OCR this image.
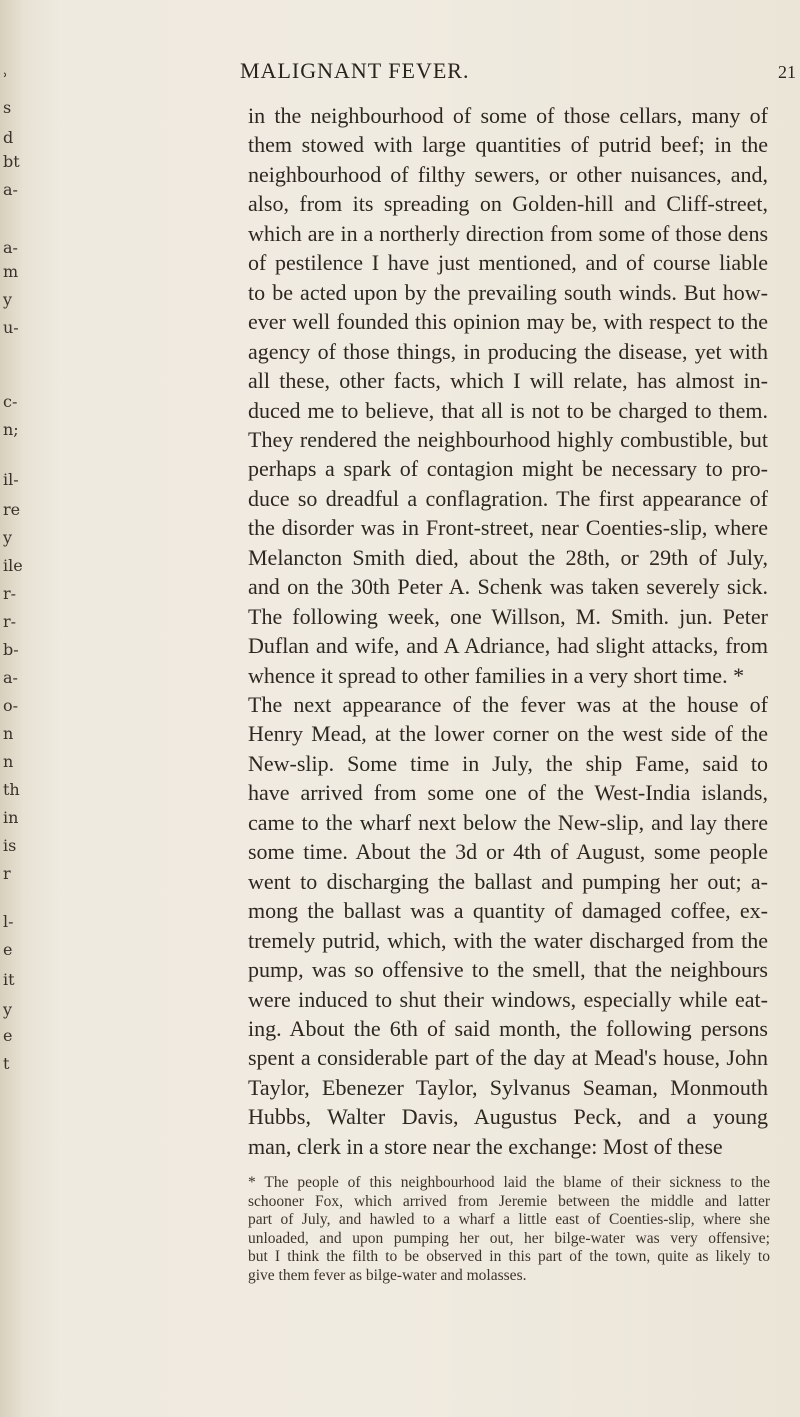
ʾ
s
d
bt
a-
a-
m
y
u-
c-
n;
il-
re
y
ile
r-
r-
b-
a-
o-
n
n
th
in
is
r
l-
e
it
y
e
t
MALIGNANT FEVER.	21
in the neighbourhood of some of those cellars, many of
them stowed with large quantities of putrid beef; in the
neighbourhood of filthy sewers, or other nuisances, and,
also, from its spreading on Golden-hill and Cliff-street,
which are in a northerly direction from some of those dens
of pestilence I have just mentioned, and of course liable
to be acted upon by the prevailing south winds. But how-
ever well founded this opinion may be, with respect to the
agency of those things, in producing the disease, yet with
all these, other facts, which I will relate, has almost in-
duced me to believe, that all is not to be charged to them.
They rendered the neighbourhood highly combustible, but
perhaps a spark of contagion might be necessary to pro-
duce so dreadful a conflagration. The first appearance of
the disorder was in Front-street, near Coenties-slip, where
Melancton Smith died, about the 28th, or 29th of July,
and on the 30th Peter A. Schenk was taken severely sick.
The following week, one Willson, M. Smith. jun. Peter
Duflan and wife, and A Adriance, had slight attacks, from
whence it spread to other families in a very short time. *
The next appearance of the fever was at the house of
Henry Mead, at the lower corner on the west side of the
New-slip. Some time in July, the ship Fame, said to
have arrived from some one of the West-India islands,
came to the wharf next below the New-slip, and lay there
some time. About the 3d or 4th of August, some people
went to discharging the ballast and pumping her out; a-
mong the ballast was a quantity of damaged coffee, ex-
tremely putrid, which, with the water discharged from the
pump, was so offensive to the smell, that the neighbours
were induced to shut their windows, especially while eat-
ing. About the 6th of said month, the following persons
spent a considerable part of the day at Mead's house, John
Taylor, Ebenezer Taylor, Sylvanus Seaman, Monmouth
Hubbs, Walter Davis, Augustus Peck, and a young
man, clerk in a store near the exchange: Most of these
* The people of this neighbourhood laid the blame of their sickness to the
schooner Fox, which arrived from Jeremie between the middle and latter
part of July, and hawled to a wharf a little east of Coenties-slip, where she
unloaded, and upon pumping her out, her bilge-water was very offensive;
but I think the filth to be observed in this part of the town, quite as likely to
give them fever as bilge-water and molasses.
